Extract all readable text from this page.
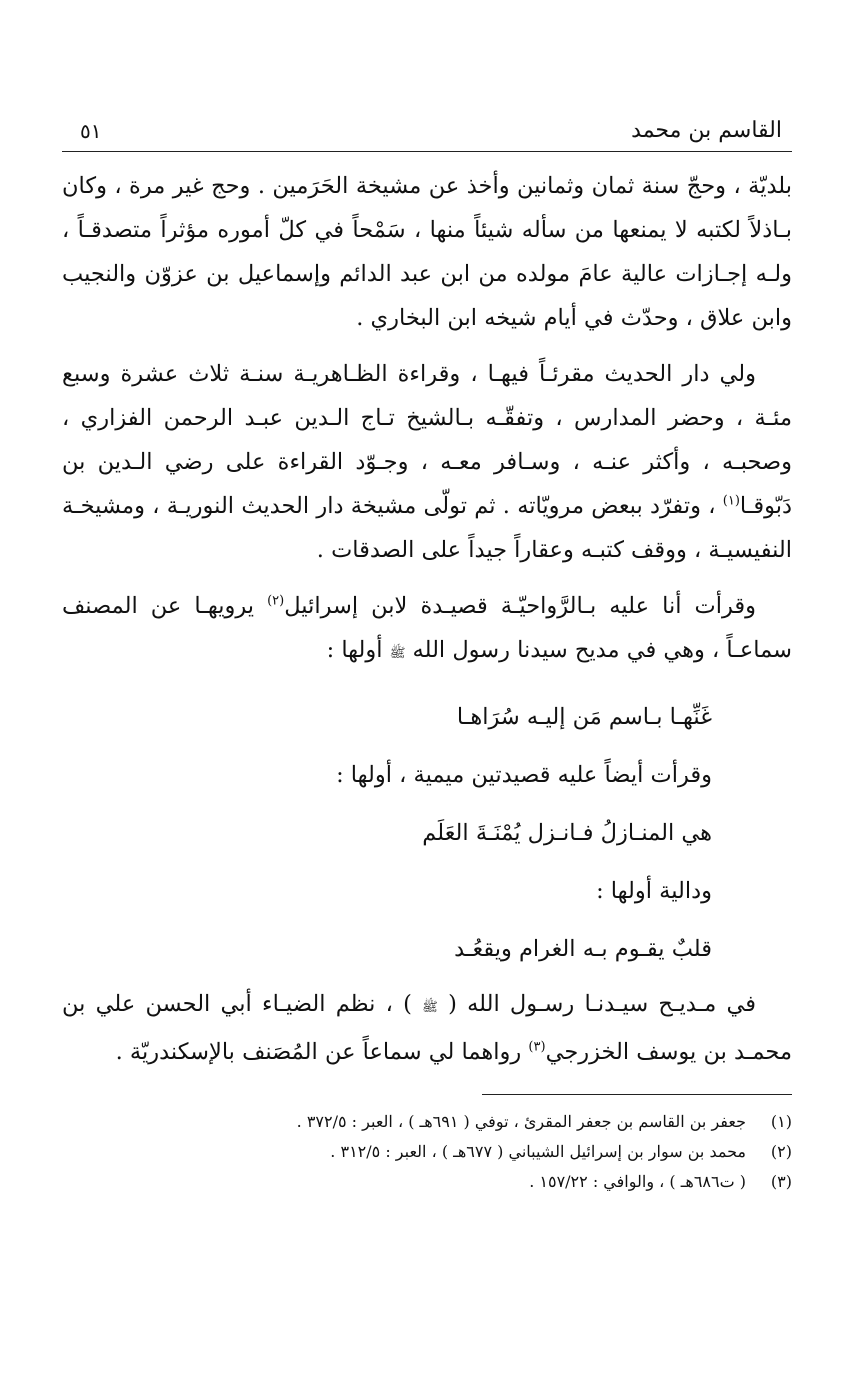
القاسم بن محمد
٥١

بلديّة ، وحجّ سنة ثمان وثمانين وأخذ عن مشيخة الحَرَمين . وحج غير مرة ، وكان بـاذلاً لكتبه لا يمنعها من سأله شيئاً منها ، سَمْحاً في كلّ أموره مؤثراً متصدقـاً ، ولـه إجـازات عالية عامَ مولده من ابن عبد الدائم وإسماعيل بن عزوّن والنجيب وابن علاق ، وحدّث في أيام شيخه ابن البخاري .

ولي دار الحديث مقرئـاً فيهـا ، وقراءة الظـاهريـة سنـة ثلاث عشرة وسبع مئـة ، وحضر المدارس ، وتفقّـه بـالشيخ تـاج الـدين عبـد الرحمن الفزاري ، وصحبـه ، وأكثر عنـه ، وسـافر معـه ، وجـوّد القراءة على رضي الـدين بن دَبّوقـا$^{(١)}$ ، وتفرّد ببعض مرويّاته . ثم تولّى مشيخة دار الحديث النوريـة ، ومشيخـة النفيسيـة ، ووقف كتبـه وعقاراً جيداً على الصدقات .

وقرأت أنا عليه بـالرَّواحيّـة قصيـدة لابن إسرائيل$^{(٢)}$ يرويهـا عن المصنف سماعـاً ، وهي في مديح سيدنا رسول الله ﷺ أولها :

غَنِّهـا بـاسم مَن إليـه سُرَاهـا
وقرأت أيضاً عليه قصيدتين ميمية ، أولها :
هي المنـازلُ فـانـزل يُمْنَـةَ العَلَم
ودالية أولها :
قلبٌ يقـوم بـه الغرام ويقعُـد

في مـديـح سيـدنـا رسـول الله ( ﷺ ) ، نظم الضيـاء أبي الحسن علي بن محمـد بن يوسف الخزرجي$^{(٣)}$ رواهما لي سماعاً عن المُصَنف بالإسكندريّة .

(١)
جعفر بن القاسم بن جعفر المقرئ ، توفي ( ٦٩١هـ ) ، العبر : ٣٧٢/٥ .
(٢)
محمد بن سوار بن إسرائيل الشيباني ( ٦٧٧هـ ) ، العبر : ٣١٢/٥ .
(٣)
( ت٦٨٦هـ ) ، والوافي : ١٥٧/٢٢ .
